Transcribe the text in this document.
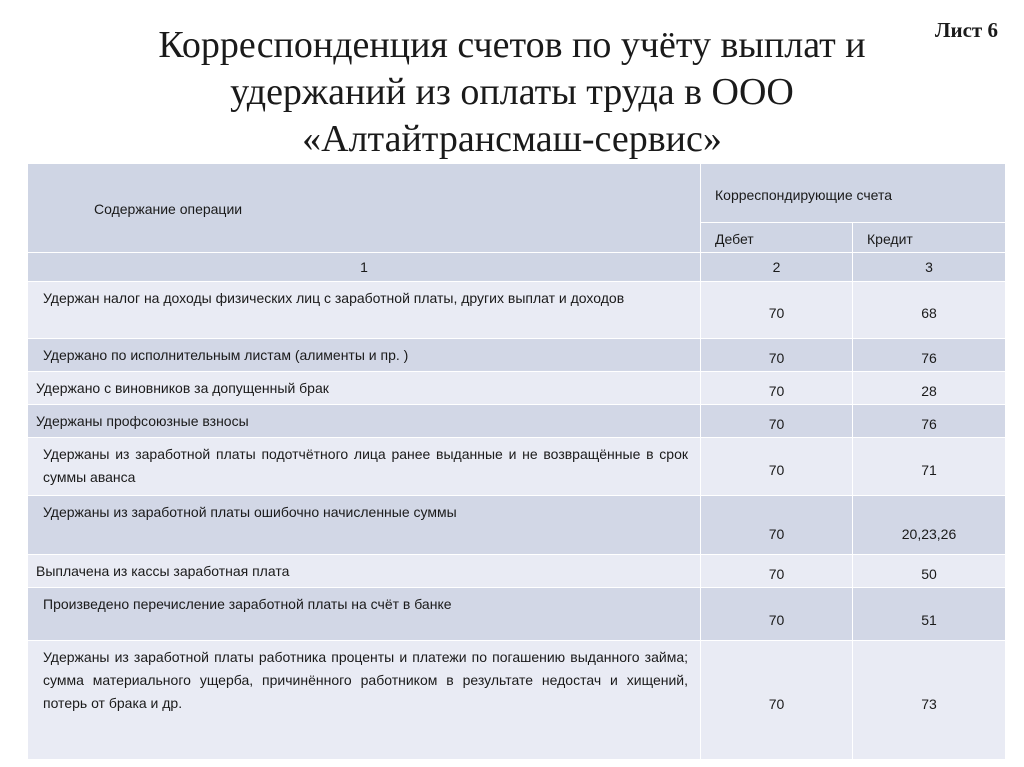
Лист 6
Корреспонденция счетов по учёту выплат и
удержаний из оплаты труда в ООО
«Алтайтрансмаш-сервис»
Содержание операции	Корреспондирующие счета	
	Дебет	Кредит
1	2	3
Удержан налог на доходы физических лиц с заработной платы, других выплат и доходов	70	68
Удержано по исполнительным листам (алименты и пр. )	70	76
Удержано с виновников за допущенный брак	70	28
Удержаны профсоюзные взносы	70	76
Удержаны из заработной платы подотчётного лица ранее выданные и не возвращённые в срок суммы аванса	70	71
Удержаны из заработной платы ошибочно начисленные суммы	70	20,23,26
Выплачена из кассы заработная плата	70	50
Произведено перечисление заработной платы на счёт в банке	70	51
Удержаны из заработной платы работника проценты и платежи по погашению выданного займа; сумма материального ущерба, причинённого работником в результате недостач и хищений, потерь от брака и др.	70	73
